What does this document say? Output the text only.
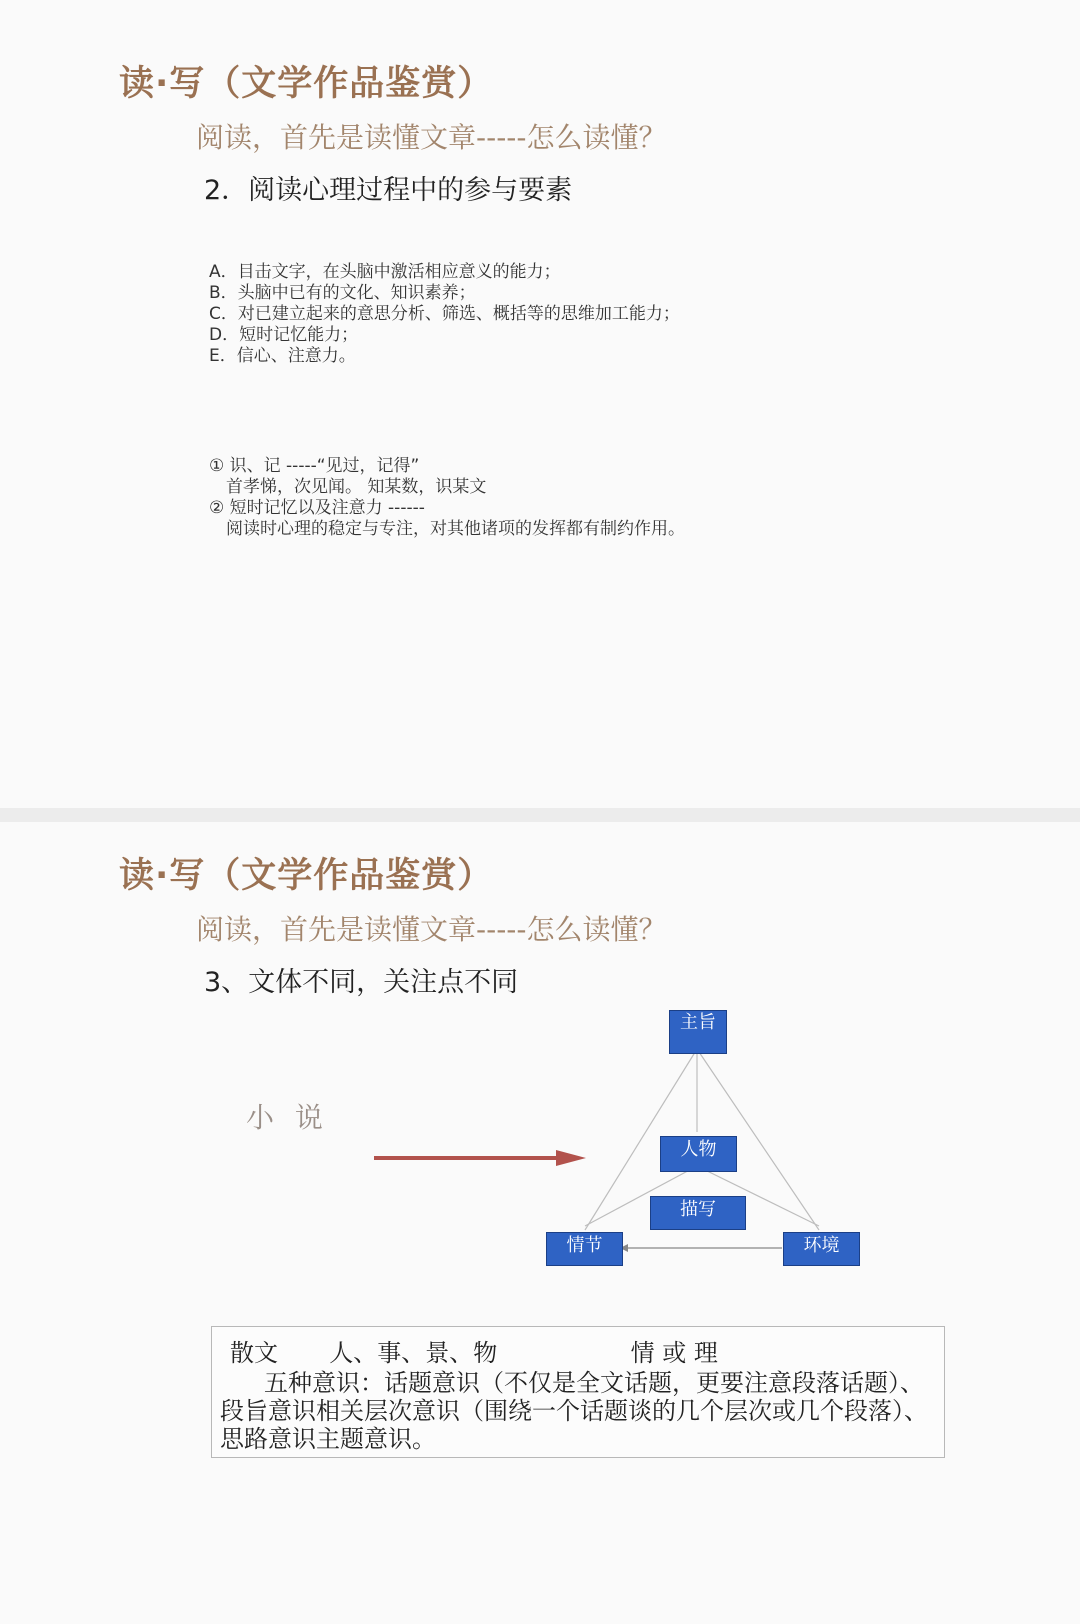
读·写（文学作品鉴赏）
阅读，首先是读懂文章-----怎么读懂？
2．阅读心理过程中的参与要素
A．目击文字，在头脑中激活相应意义的能力；
B．头脑中已有的文化、知识素养；
C．对已建立起来的意思分析、筛选、概括等的思维加工能力；
D．短时记忆能力；
E．信心、注意力。
① 识、记 -----“见过，记得”
首孝悌，次见闻。 知某数，识某文
② 短时记忆以及注意力 ------
阅读时心理的稳定与专注，对其他诸项的发挥都有制约作用。
读·写（文学作品鉴赏）
阅读，首先是读懂文章-----怎么读懂？
3、文体不同，关注点不同
小 说
主旨
人物
描写
情节	环境
散文 人、事、景、物	情 或 理
五种意识：话题意识（不仅是全文话题，更要注意段落话题）、段旨意识相关层次意识（围绕一个话题谈的几个层次或几个段落）、思路意识主题意识。
